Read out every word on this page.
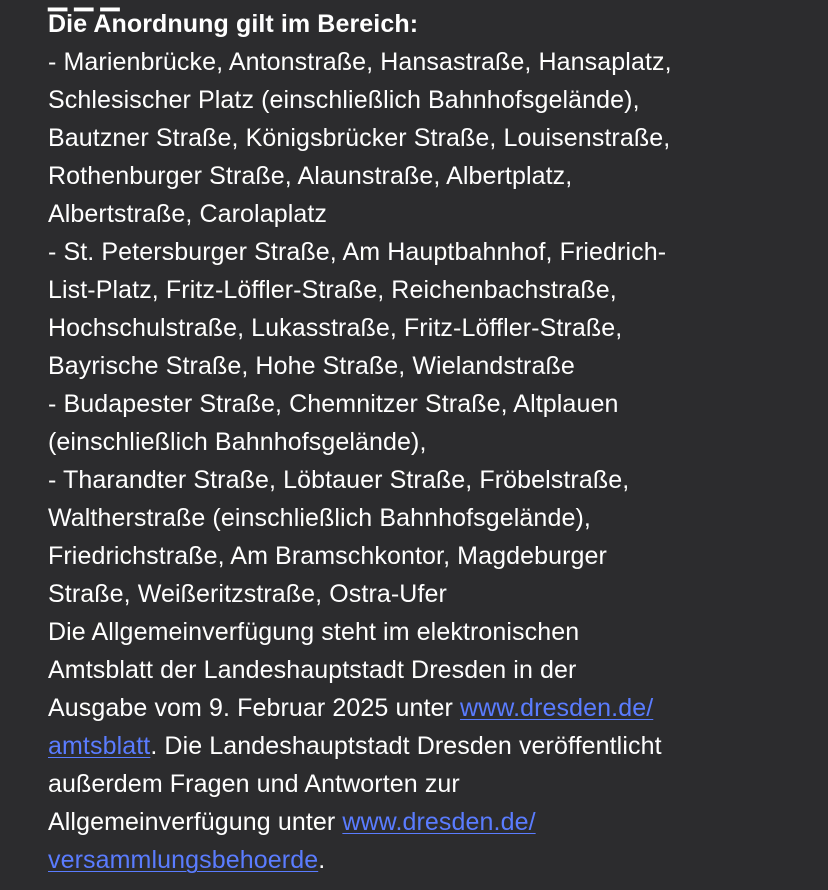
Die Anordnung gilt im Bereich:

- Marienbrücke, Antonstraße, Hansastraße, Hansaplatz,

Schlesischer Platz (einschließlich Bahnhofsgelände),

Bautzner Straße, Königsbrücker Straße, Louisenstraße,

Rothenburger Straße, Alaunstraße, Albertplatz,

Albertstraße, Carolaplatz

- St. Petersburger Straße, Am Hauptbahnhof, Friedrich-

List-Platz, Fritz-Löffler-Straße, Reichenbachstraße,

Hochschulstraße, Lukasstraße, Fritz-Löffler-Straße,

Bayrische Straße, Hohe Straße, Wielandstraße

- Budapester Straße, Chemnitzer Straße, Altplauen

(einschließlich Bahnhofsgelände),

- Tharandter Straße, Löbtauer Straße, Fröbelstraße,

Waltherstraße (einschließlich Bahnhofsgelände),

Friedrichstraße, Am Bramschkontor, Magdeburger

Straße, Weißeritzstraße, Ostra-Ufer

Die Allgemeinverfügung steht im elektronischen

Amtsblatt der Landeshauptstadt Dresden in der

Ausgabe vom 9. Februar 2025 unter www.dresden.de/

amtsblatt. Die Landeshauptstadt Dresden veröffentlicht

außerdem Fragen und Antworten zur

Allgemeinverfügung unter www.dresden.de/

versammlungsbehoerde.
